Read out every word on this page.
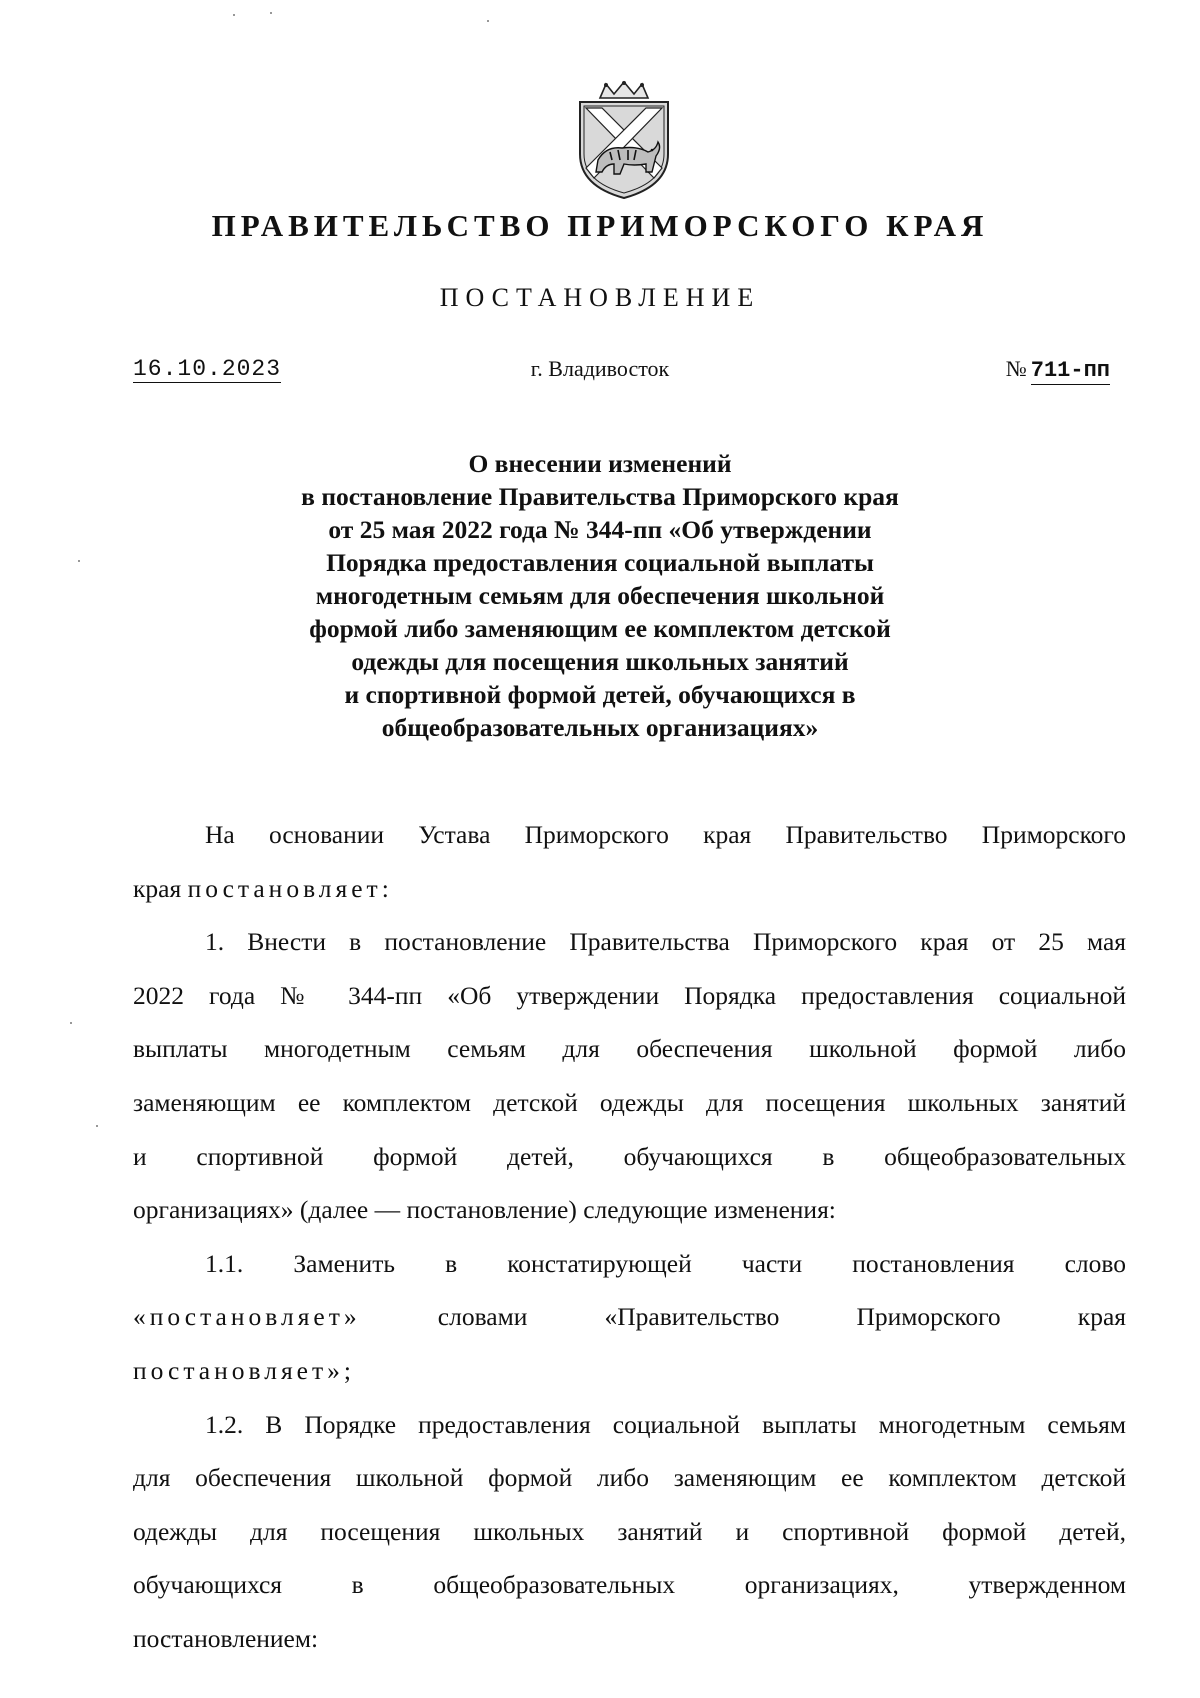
ПРАВИТЕЛЬСТВО ПРИМОРСКОГО КРАЯ
ПОСТАНОВЛЕНИЕ
16.10.2023	г. Владивосток	№ 711-пп
О внесении изменений
в постановление Правительства Приморского края
от 25 мая 2022 года № 344-пп «Об утверждении
Порядка предоставления социальной выплаты
многодетным семьям для обеспечения школьной
формой либо заменяющим ее комплектом детской
одежды для посещения школьных занятий
и спортивной формой детей, обучающихся в
общеобразовательных организациях»
На основании Устава Приморского края Правительство Приморского
края постановляет:
1. Внести в постановление Правительства Приморского края от 25 мая
2022 года № 344-пп «Об утверждении Порядка предоставления социальной
выплаты многодетным семьям для обеспечения школьной формой либо
заменяющим ее комплектом детской одежды для посещения школьных занятий
и спортивной формой детей, обучающихся в общеобразовательных
организациях» (далее — постановление) следующие изменения:
1.1. Заменить в констатирующей части постановления слово
«постановляет» словами «Правительство Приморского края
постановляет»;
1.2. В Порядке предоставления социальной выплаты многодетным семьям
для обеспечения школьной формой либо заменяющим ее комплектом детской
одежды для посещения школьных занятий и спортивной формой детей,
обучающихся в общеобразовательных организациях, утвержденном
постановлением:
